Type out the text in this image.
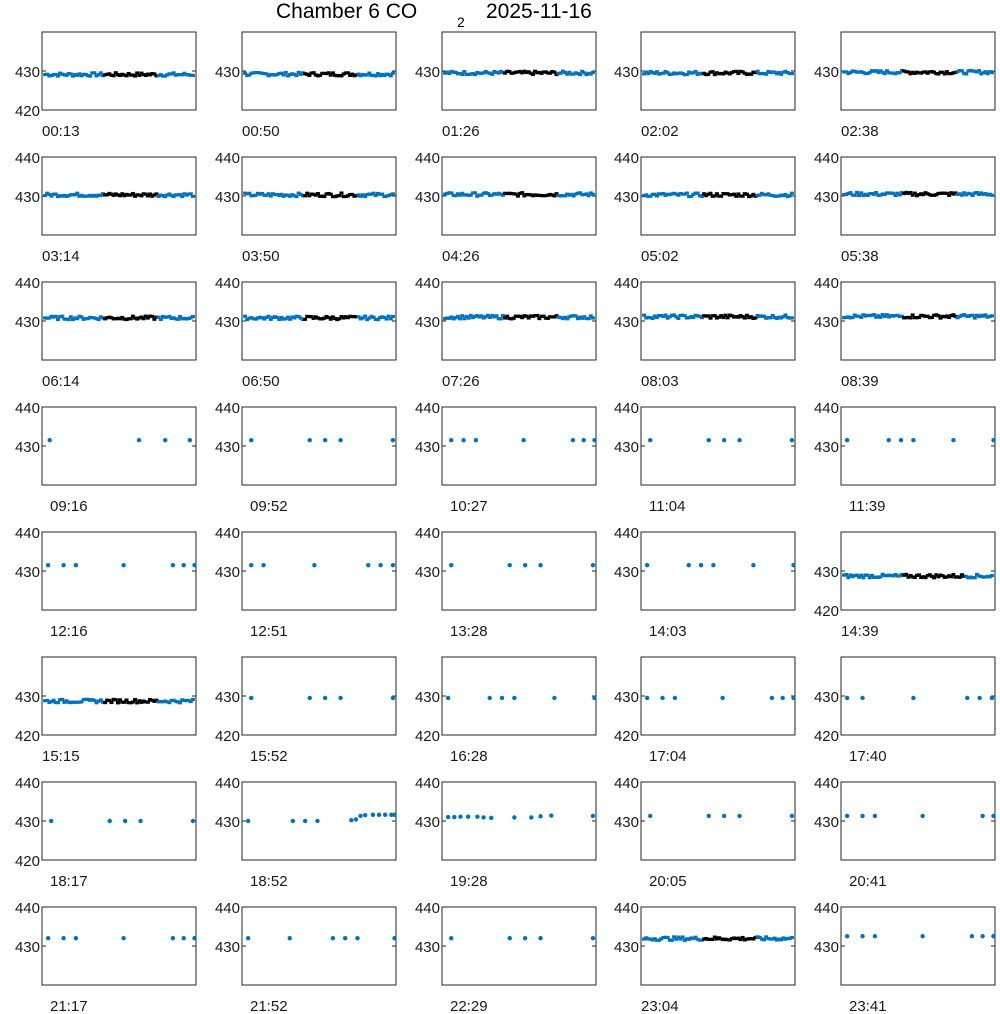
Chamber 6 CO	2 2025-11-16
420
430
00:13
430
00:50
430
01:26
430
02:02
430
02:38
430
440
03:14
430
440
03:50
430
440
04:26
430
440
05:02
430
440
05:38
430
440
06:14
430
440
06:50
430
440
07:26
430
440
08:03
430
440
08:39
430
440
09:16
430
440
09:52
430
440
10:27
430
440
11:04
430
440
11:39
430
440
12:16
430
440
12:51
430
440
13:28
430
440
14:03
420
430
14:39
420
430
15:15
420
430
15:52
420
430
16:28
420
430
17:04
420
430
17:40
420
430
440
18:17
430
440
18:52
430
440
19:28
430
440
20:05
430
440
20:41
430
440
21:17
430
440
21:52
430
440
22:29
430
440
23:04
430
440
23:41
